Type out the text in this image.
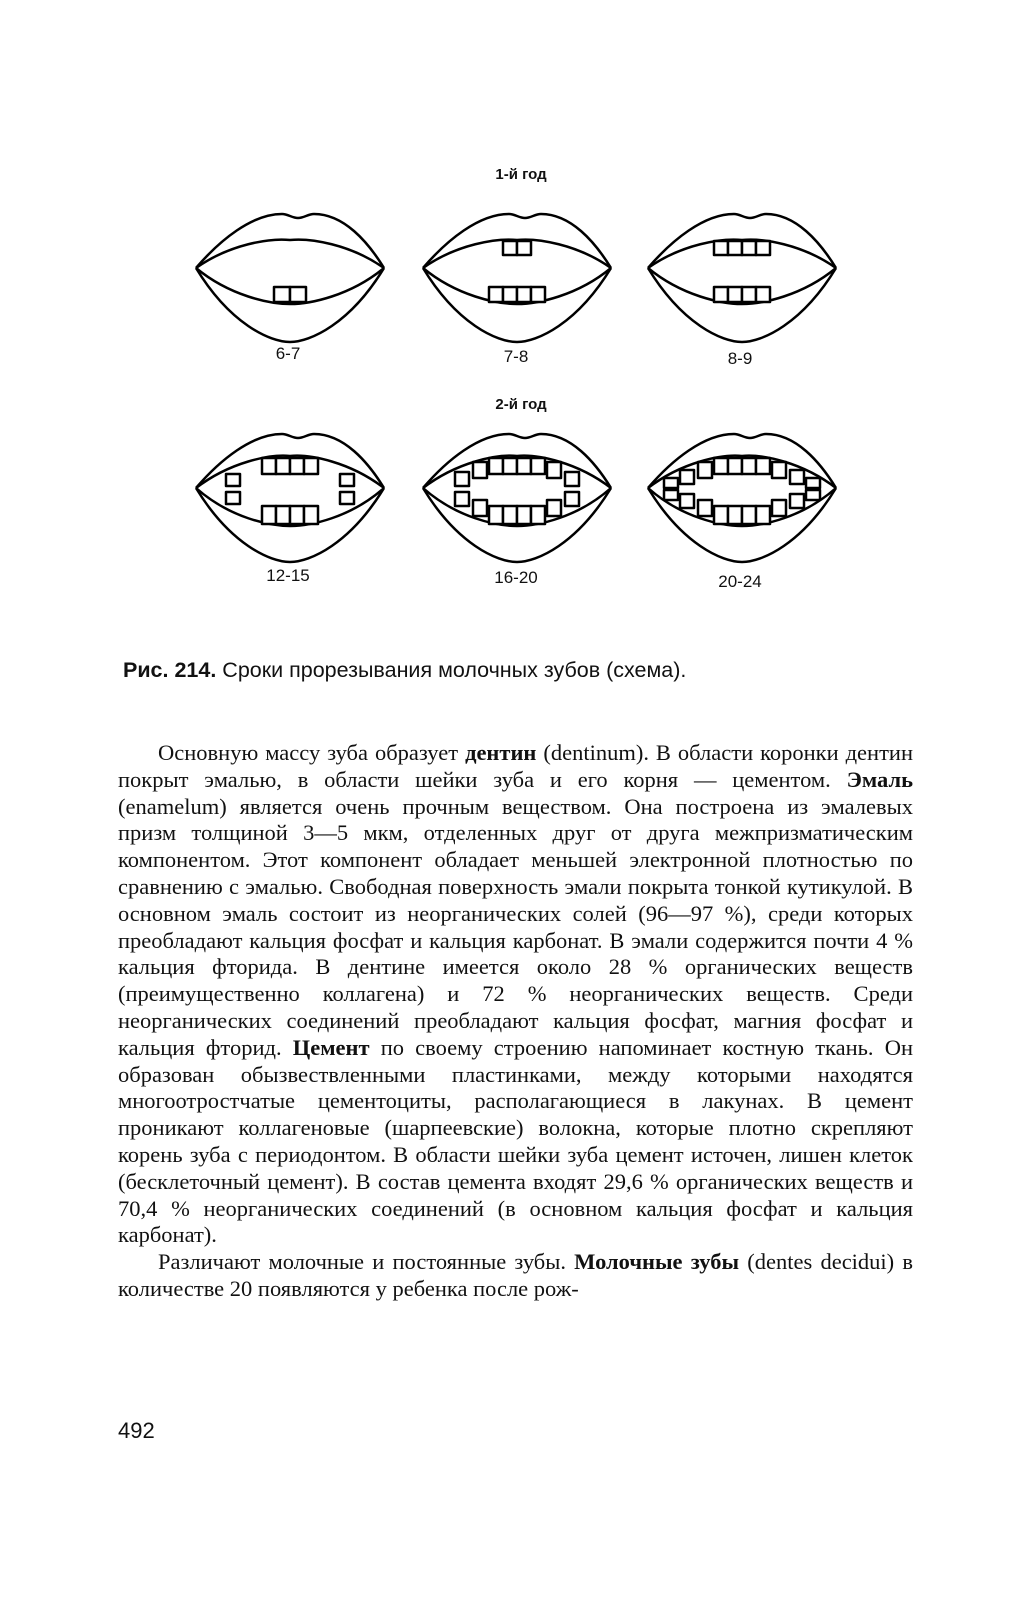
1-й год
2-й год
6-7	7-8	8-9
12-15	16-20	20-24
Рис. 214. Сроки прорезывания молочных зубов (схема).

Основную массу зуба образует дентин (dentinum). В области коронки дентин покрыт эмалью, в области шейки зуба и его корня — цементом. Эмаль (enamelum) является очень прочным веществом. Она построена из эмалевых призм толщиной 3—5 мкм, отделенных друг от друга межпризматическим компонентом. Этот компонент обладает меньшей электронной плотностью по сравнению с эмалью. Свободная поверхность эмали покрыта тонкой кутикулой. В основном эмаль состоит из неорганических солей (96—97 %), среди которых преобладают кальция фосфат и кальция карбонат. В эмали содержится почти 4 % кальция фторида. В дентине имеется около 28 % органических веществ (преимущественно коллагена) и 72 % неорганических веществ. Среди неорганических соединений преобладают кальция фосфат, магния фосфат и кальция фторид. Цемент по своему строению напоминает костную ткань. Он образован обызвествленными пластинками, между которыми находятся многоотростчатые цементоциты, располагающиеся в лакунах. В цемент проникают коллагеновые (шарпеевские) волокна, которые плотно скрепляют корень зуба с периодонтом. В области шейки зуба цемент источен, лишен клеток (бесклеточный цемент). В состав цемента входят 29,6 % органических веществ и 70,4 % неорганических соединений (в основном кальция фосфат и кальция карбонат).

Различают молочные и постоянные зубы. Молочные зубы (dentes decidui) в количестве 20 появляются у ребенка после рож-

492
